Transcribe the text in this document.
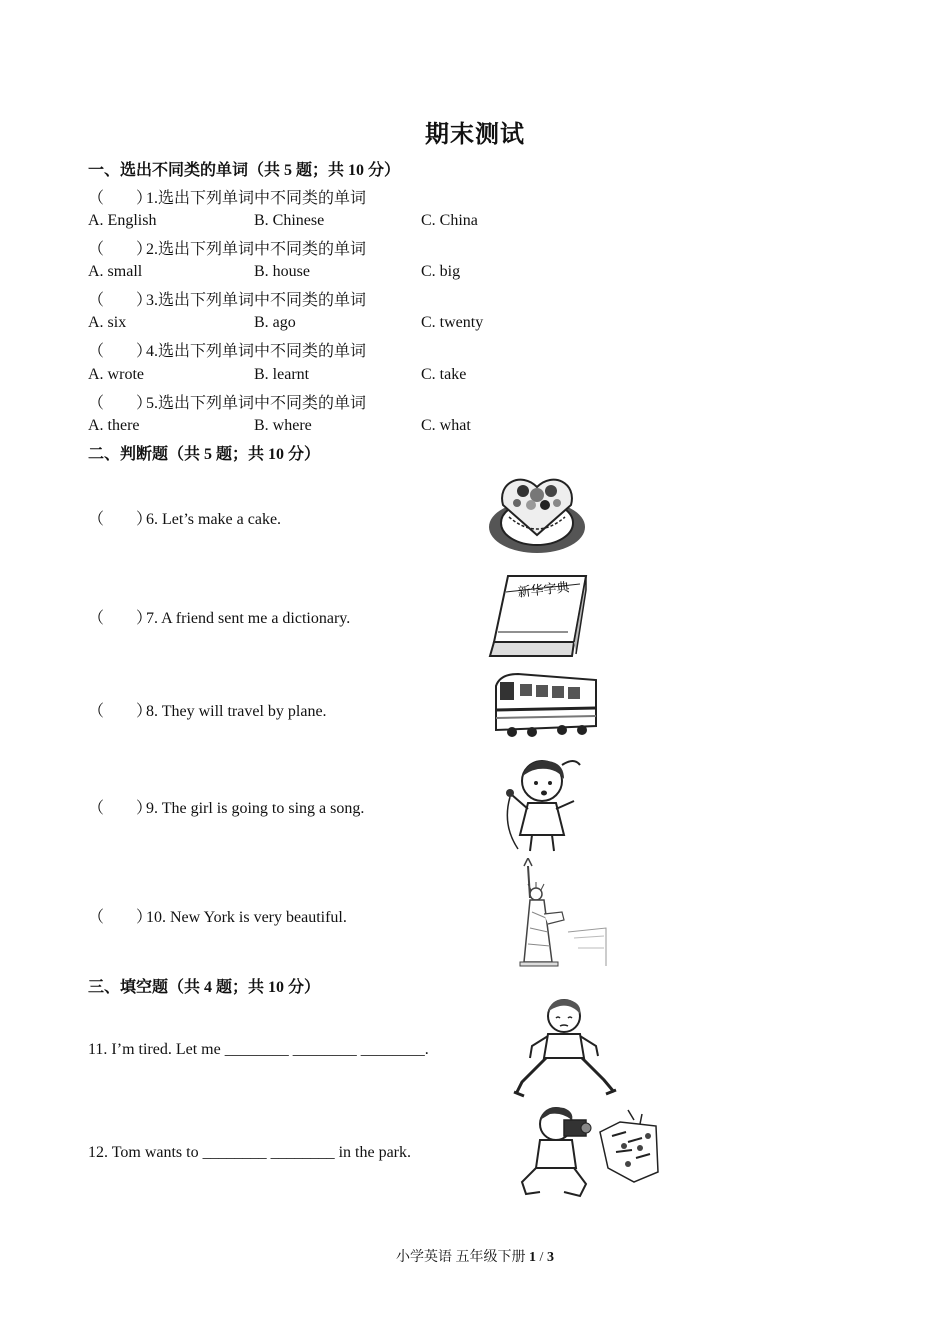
期末测试
一、选出不同类的单词（共 5 题；共 10 分）
（　　）1.选出下列单词中不同类的单词
A. English	B. Chinese	C. China
（　　）2.选出下列单词中不同类的单词
A. small	B. house	C. big
（　　）3.选出下列单词中不同类的单词
A. six	B. ago	C. twenty
（　　）4.选出下列单词中不同类的单词
A. wrote	B. learnt	C. take
（　　）5.选出下列单词中不同类的单词
A. there	B. where	C. what
二、判断题（共 5 题；共 10 分）
（　　）6. Let’s make a cake.
（　　）7. A friend sent me a dictionary.
（　　）8. They will travel by plane.
（　　）9. The girl is going to sing a song.
（　　）10. New York is very beautiful.
新华字典
三、填空题（共 4 题；共 10 分）
11. I’m tired. Let me ________ ________ ________.
12. Tom wants to ________ ________ in the park.
小学英语 五年级下册 1 / 3
